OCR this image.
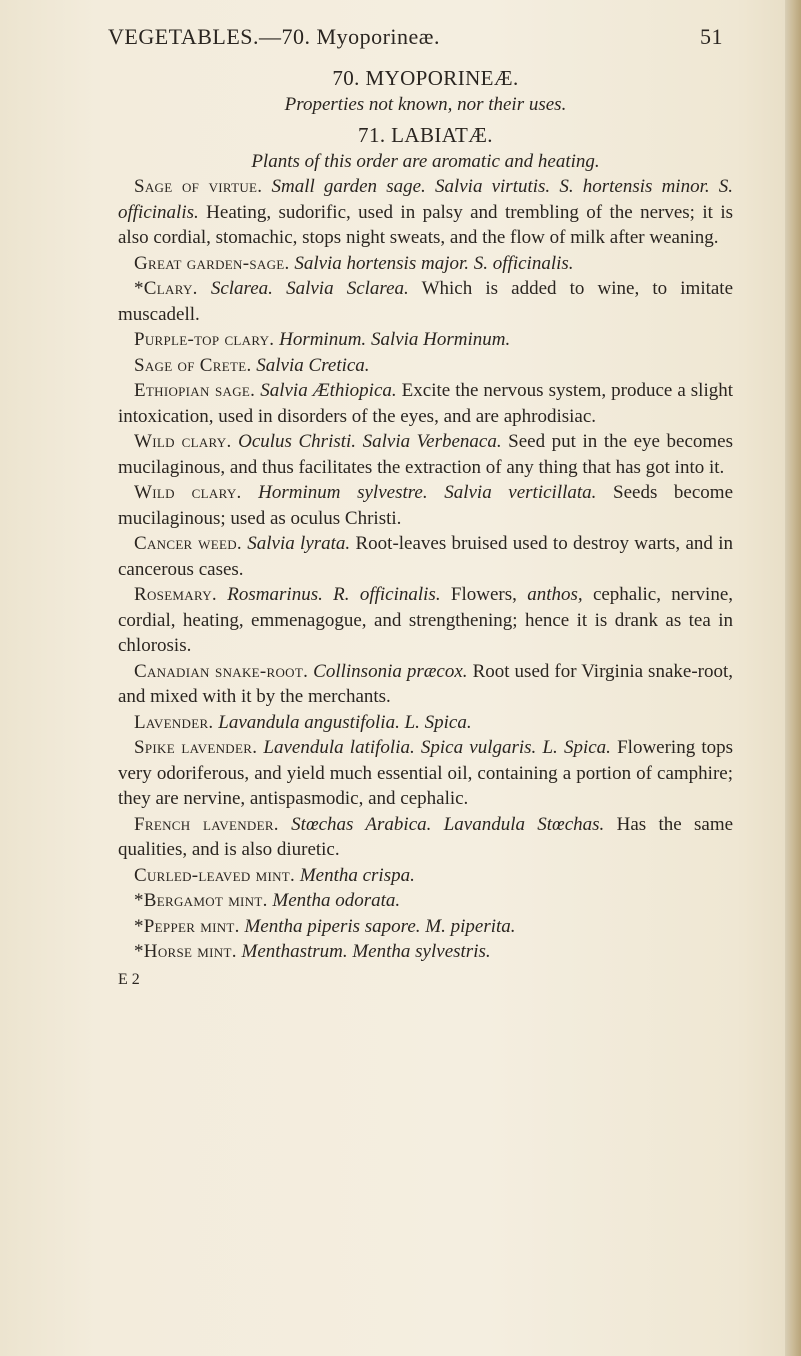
VEGETABLES.—70. Myoporineæ.	51

70. MYOPORINEÆ.

Properties not known, nor their uses.

71. LABIATÆ.

Plants of this order are aromatic and heating.

Sage of virtue. Small garden sage. Salvia virtutis. S. hortensis minor. S. officinalis. Heating, sudorific, used in palsy and trembling of the nerves; it is also cordial, stomachic, stops night sweats, and the flow of milk after weaning.

Great garden-sage. Salvia hortensis major. S. officinalis.

*Clary. Sclarea. Salvia Sclarea. Which is added to wine, to imitate muscadell.

Purple-top clary. Horminum. Salvia Horminum.

Sage of Crete. Salvia Cretica.

Ethiopian sage. Salvia Æthiopica. Excite the nervous system, produce a slight intoxication, used in disorders of the eyes, and are aphrodisiac.

Wild clary. Oculus Christi. Salvia Verbenaca. Seed put in the eye becomes mucilaginous, and thus facilitates the extraction of any thing that has got into it.

Wild clary. Horminum sylvestre. Salvia verticillata. Seeds become mucilaginous; used as oculus Christi.

Cancer weed. Salvia lyrata. Root-leaves bruised used to destroy warts, and in cancerous cases.

Rosemary. Rosmarinus. R. officinalis. Flowers, anthos, cephalic, nervine, cordial, heating, emmenagogue, and strengthening; hence it is drank as tea in chlorosis.

Canadian snake-root. Collinsonia præcox. Root used for Virginia snake-root, and mixed with it by the merchants.

Lavender. Lavandula angustifolia. L. Spica.

Spike lavender. Lavendula latifolia. Spica vulgaris. L. Spica. Flowering tops very odoriferous, and yield much essential oil, containing a portion of camphire; they are nervine, antispasmodic, and cephalic.

French lavender. Stœchas Arabica. Lavandula Stœchas. Has the same qualities, and is also diuretic.

Curled-leaved mint. Mentha crispa.

*Bergamot mint. Mentha odorata.

*Pepper mint. Mentha piperis sapore. M. piperita.

*Horse mint. Menthastrum. Mentha sylvestris.

E 2
